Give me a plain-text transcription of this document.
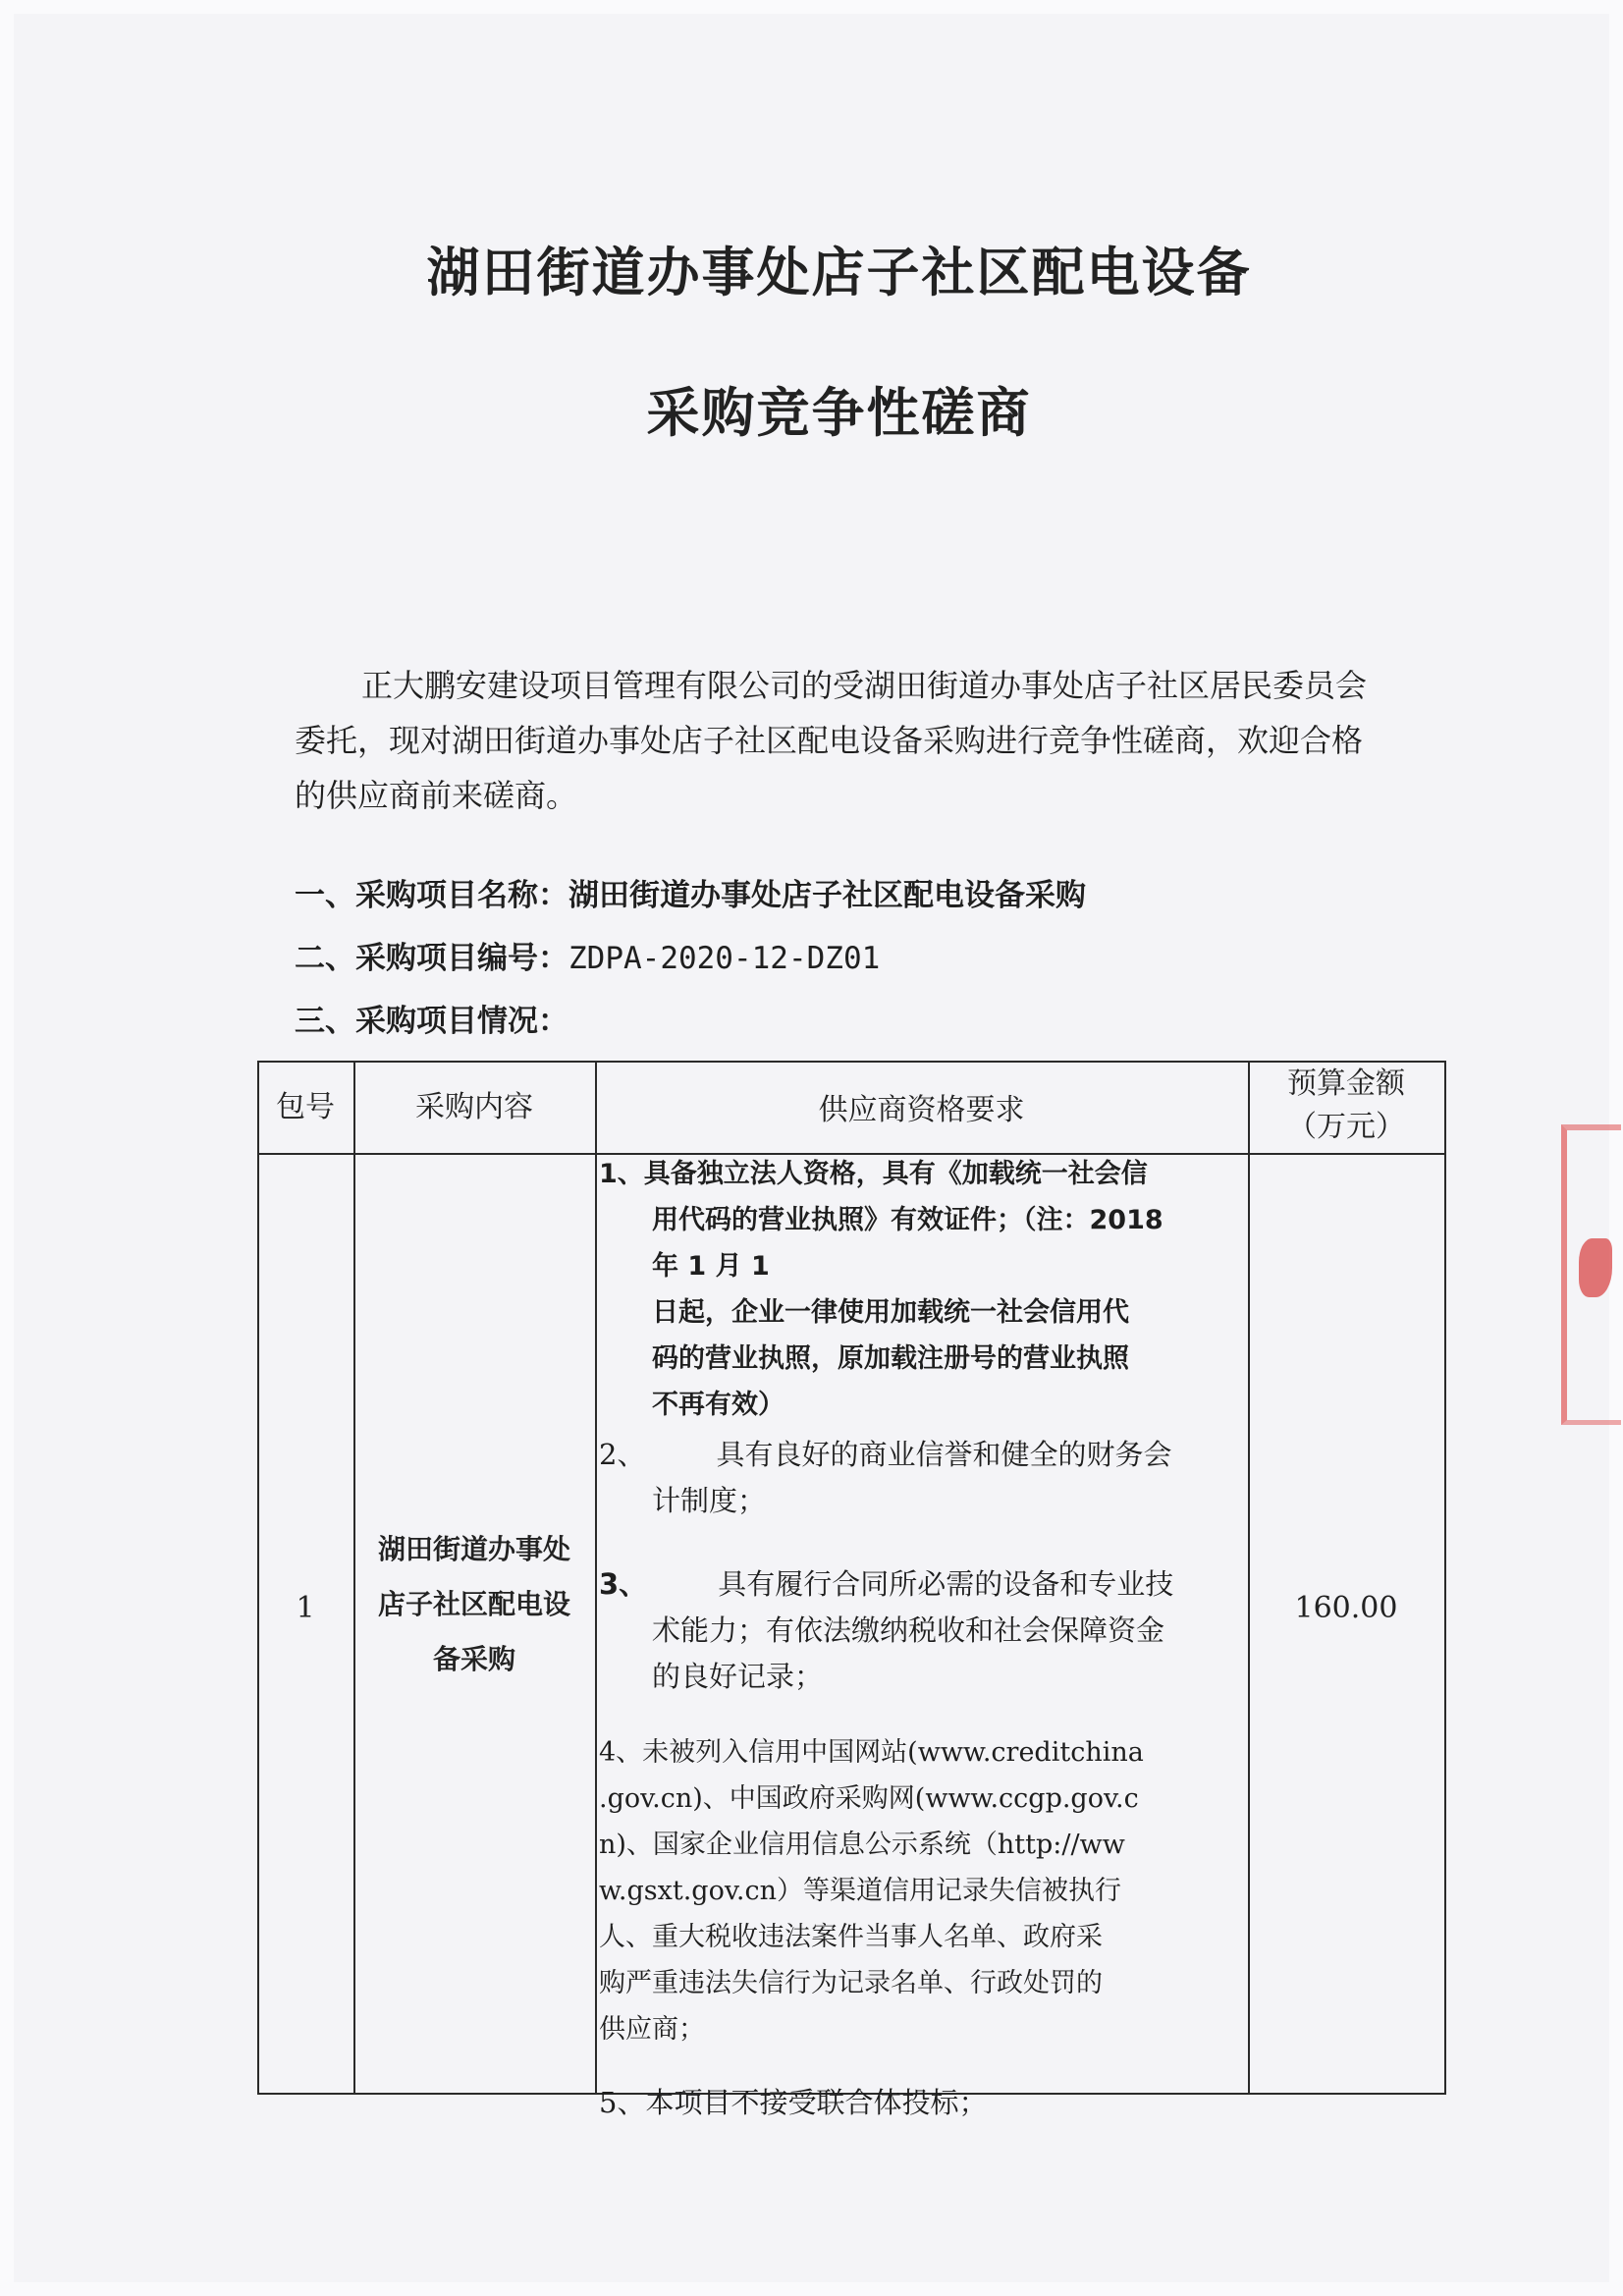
湖田街道办事处店子社区配电设备
采购竞争性磋商
正大鹏安建设项目管理有限公司的受湖田街道办事处店子社区居民委员会
委托，现对湖田街道办事处店子社区配电设备采购进行竞争性磋商，欢迎合格
的供应商前来磋商。
一、采购项目名称：湖田街道办事处店子社区配电设备采购
二、采购项目编号：ZDPA-2020-12-DZ01
三、采购项目情况：
包号	采购内容	供应商资格要求
预算金额
（万元）
1
湖田街道办事处
店子社区配电设
备采购
160.00

1、具备独立法人资格，具有《加载统一社会信

用代码的营业执照》有效证件；（注：2018
年 1 月 1
日起，企业一律使用加载统一社会信用代
码的营业执照，原加载注册号的营业执照
不再有效）

2、 具有良好的商业信誉和健全的财务会

计制度；

3、 具有履行合同所必需的设备和专业技

术能力；有依法缴纳税收和社会保障资金
的良好记录；

4、未被列入信用中国网站(www.creditchina
.gov.cn)、中国政府采购网(www.ccgp.gov.c
n)、国家企业信用信息公示系统（http://ww
w.gsxt.gov.cn）等渠道信用记录失信被执行
人、重大税收违法案件当事人名单、政府采
购严重违法失信行为记录名单、行政处罚的
供应商；

5、本项目不接受联合体投标；
